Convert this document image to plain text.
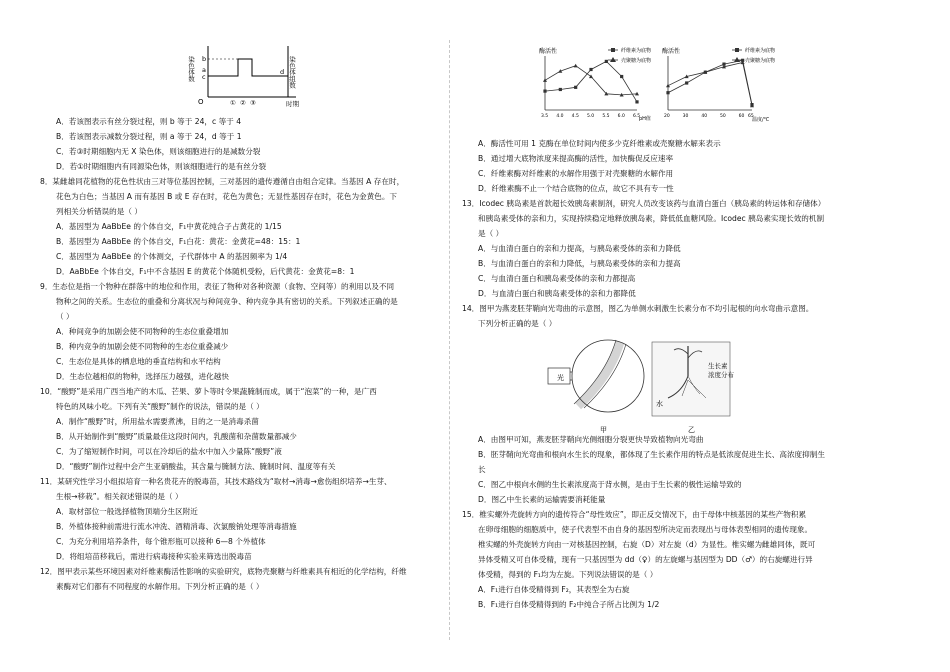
染色体数 b
a
c	染色体组数
d
O	① ② ③	时期
A．若该图表示有丝分裂过程，则 b 等于 24，c 等于 4
B．若该图表示减数分裂过程，则 a 等于 24，d 等于 1
C．若③时期细胞内无 X 染色体，则该细胞进行的是减数分裂
D．若①时期细胞内有同源染色体，则该细胞进行的是有丝分裂
8．某雌雄同花植物的花色性状由三对等位基因控制，三对基因的遗传遵循自由组合定律。当基因 A 存在时，
花色为白色；当基因 A 而有基因 B 或 E 存在时，花色为黄色；无显性基因存在时，花色为金黄色。下
列相关分析错误的是（ ）
A．基因型为 AaBbEe 的个体自交，F₁中黄花纯合子占黄花的 1/15
B．基因型为 AaBbEe 的个体自交，F₁白花：黄花：金黄花=48：15：1
C．基因型为 AaBbEe 的个体测交，子代群体中 A 的基因频率为 1/4
D．AaBbEe 个体自交，F₁中不含基因 E 的黄花个体随机受粉，后代黄花：金黄花=8：1
9．生态位是指一个物种在群落中的地位和作用，表征了物种对各种资源（食物、空间等）的利用以及不同
物种之间的关系。生态位的重叠和分离状况与种间竞争、种内竞争具有密切的关系。下列叙述正确的是
（ ）
A．种间竞争的加剧会使不同物种的生态位重叠增加
B．种内竞争的加剧会使不同物种的生态位重叠减少
C．生态位是具体的栖息地的垂直结构和水平结构
D．生态位越相似的物种，选择压力越强，进化越快
10．“酸野”是采用广西当地产的木瓜、芒果、萝卜等时令果蔬腌制而成，属于“泡菜”的一种，是广西
特色的风味小吃。下列有关“酸野”制作的说法，错误的是（ ）
A．制作“酸野”时，所用盐水需要煮沸，目的之一是消毒杀菌
B．从开始制作到“酸野”质量最佳这段时间内，乳酸菌和杂菌数量都减少
C．为了缩短制作时间，可以在冷却后的盐水中加入少量陈“酸野”液
D．“酸野”制作过程中会产生亚硝酸盐，其含量与腌制方法、腌制时间、温度等有关
11．某研究性学习小组拟培育一种名贵花卉的脱毒苗，其技术路线为“取材→消毒→愈伤组织培养→生芽、
生根→移栽”。相关叙述错误的是（ ）
A．取材部位一般选择植物顶端分生区附近
B．外植体接种前需进行流水冲洗、酒精消毒、次氯酸钠处理等消毒措施
C．为充分利用培养条件，每个锥形瓶可以接种 6—8 个外植体
D．将组培苗移栽后，需进行病毒接种实验来筛选出脱毒苗
12．图甲表示某些环境因素对纤维素酶活性影响的实验研究，底物壳聚糖与纤维素具有相近的化学结构，纤维
素酶对它们都有不同程度的水解作用。下列分析正确的是（ ）
酶活性
3.5 4.0 4.5 5.0 5.5 6.0 6.5
pH值
纤维素为底物
壳聚糖为底物
酶活性
20	30	40	50	60 65
温度/℃
纤维素为底物
壳聚糖为底物
A．酶活性可用 1 克酶在单位时间内使多少克纤维素或壳聚糖水解来表示
B．通过增大底物浓度来提高酶的活性，加快酶促反应速率
C．纤维素酶对纤维素的水解作用强于对壳聚糖的水解作用
D．纤维素酶不止一个结合底物的位点，故它不具有专一性
13．Icodec 胰岛素是首款超长效胰岛素制剂，研究人员改变该药与血清白蛋白（胰岛素的转运体和存储体）
和胰岛素受体的亲和力，实现持续稳定地释放胰岛素，降低低血糖风险。Icodec 胰岛素实现长效的机制
是（ ）
A．与血清白蛋白的亲和力提高，与胰岛素受体的亲和力降低
B．与血清白蛋白的亲和力降低，与胰岛素受体的亲和力提高
C．与血清白蛋白和胰岛素受体的亲和力都提高
D．与血清白蛋白和胰岛素受体的亲和力都降低
14．图甲为燕麦胚芽鞘向光弯曲的示意图，图乙为单侧水刺激生长素分布不均引起根的向水弯曲示意图。
下列分析正确的是（ ）
光
甲
水
生长素
浓度分布
乙
A．由图甲可知，燕麦胚芽鞘向光侧细胞分裂更快导致植物向光弯曲
B．胚芽鞘向光弯曲和根向水生长的现象，都体现了生长素作用的特点是低浓度促进生长、高浓度抑制生
长
C．图乙中根向水侧的生长素浓度高于背水侧，是由于生长素的极性运输导致的
D．图乙中生长素的运输需要消耗能量
15．椎实螺外壳旋转方向的遗传符合“母性效应”，即正反交情况下，由于母体中核基因的某些产物积累
在卵母细胞的细胞质中，使子代表型不由自身的基因型所决定而表现出与母体表型相同的遗传现象。
椎实螺的外壳旋转方向由一对核基因控制，右旋（D）对左旋（d）为显性。椎实螺为雌雄同体，既可
异体受精又可自体受精，现有一只基因型为 dd（♀）的左旋螺与基因型为 DD（♂）的右旋螺进行异
体受精，得到的 F₁均为左旋。下列说法错误的是（ ）
A．F₁进行自体受精得到 F₂，其表型全为右旋
B．F₁进行自体受精得到的 F₂中纯合子所占比例为 1/2
